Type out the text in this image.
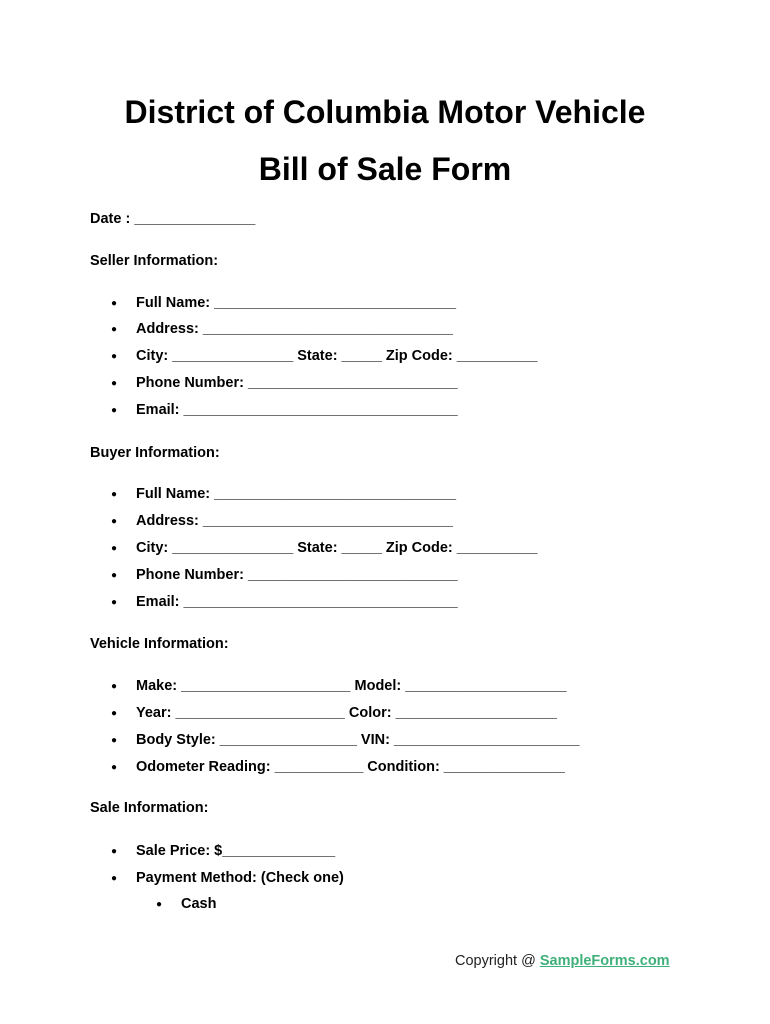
District of Columbia Motor Vehicle
Bill of Sale Form
Date : _______________
Seller Information:
● Full Name: ______________________________
● Address: _______________________________
● City: _______________ State: _____ Zip Code: __________
● Phone Number: __________________________
● Email: __________________________________
Buyer Information:
● Full Name: ______________________________
● Address: _______________________________
● City: _______________ State: _____ Zip Code: __________
● Phone Number: __________________________
● Email: __________________________________
Vehicle Information:
● Make: _____________________ Model: ____________________
● Year: _____________________ Color: ____________________
● Body Style: _________________ VIN: _______________________
● Odometer Reading: ___________ Condition: _______________
Sale Information:
● Sale Price: $______________
● Payment Method: (Check one)
● Cash
Copyright @ SampleForms.com
